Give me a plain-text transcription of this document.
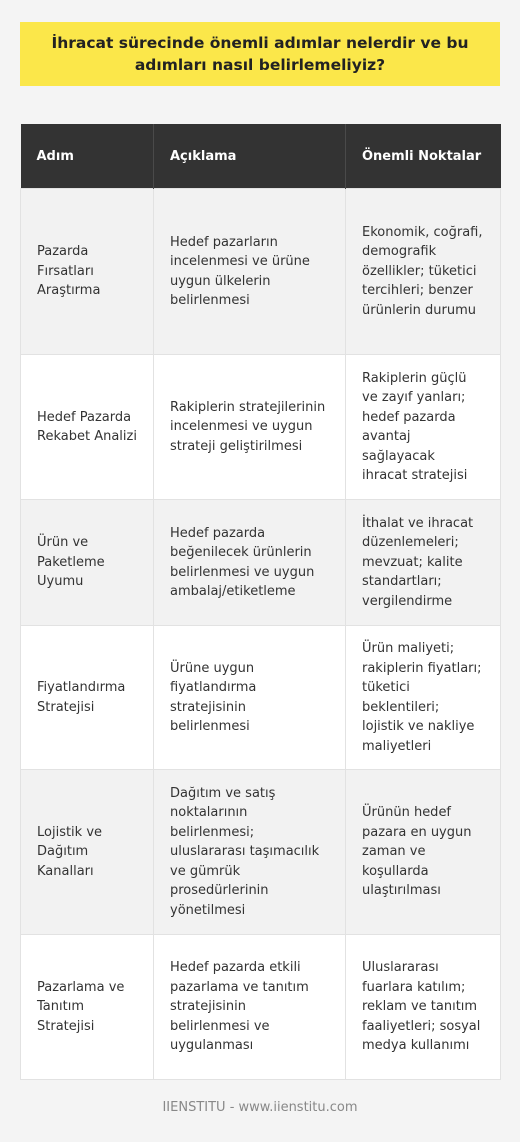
İhracat sürecinde önemli adımlar nelerdir ve bu adımları nasıl belirlemeliyiz?
Adım	Açıklama	Önemli Noktalar
Pazarda Fırsatları Araştırma	Hedef pazarların incelenmesi ve ürüne uygun ülkelerin belirlenmesi	Ekonomik, coğrafi, demografik özellikler; tüketici tercihleri; benzer ürünlerin durumu
Hedef Pazarda Rekabet Analizi	Rakiplerin stratejilerinin incelenmesi ve uygun strateji geliştirilmesi	Rakiplerin güçlü ve zayıf yanları; hedef pazarda avantaj sağlayacak ihracat stratejisi
Ürün ve Paketleme Uyumu	Hedef pazarda beğenilecek ürünlerin belirlenmesi ve uygun ambalaj/etiketleme	İthalat ve ihracat düzenlemeleri; mevzuat; kalite standartları; vergilendirme
Fiyatlandırma Stratejisi	Ürüne uygun fiyatlandırma stratejisinin belirlenmesi	Ürün maliyeti; rakiplerin fiyatları; tüketici beklentileri; lojistik ve nakliye maliyetleri
Lojistik ve Dağıtım Kanalları	Dağıtım ve satış noktalarının belirlenmesi; uluslararası taşımacılık ve gümrük prosedürlerinin yönetilmesi	Ürünün hedef pazara en uygun zaman ve koşullarda ulaştırılması
Pazarlama ve Tanıtım Stratejisi	Hedef pazarda etkili pazarlama ve tanıtım stratejisinin belirlenmesi ve uygulanması	Uluslararası fuarlara katılım; reklam ve tanıtım faaliyetleri; sosyal medya kullanımı
IIENSTITU - www.iienstitu.com
